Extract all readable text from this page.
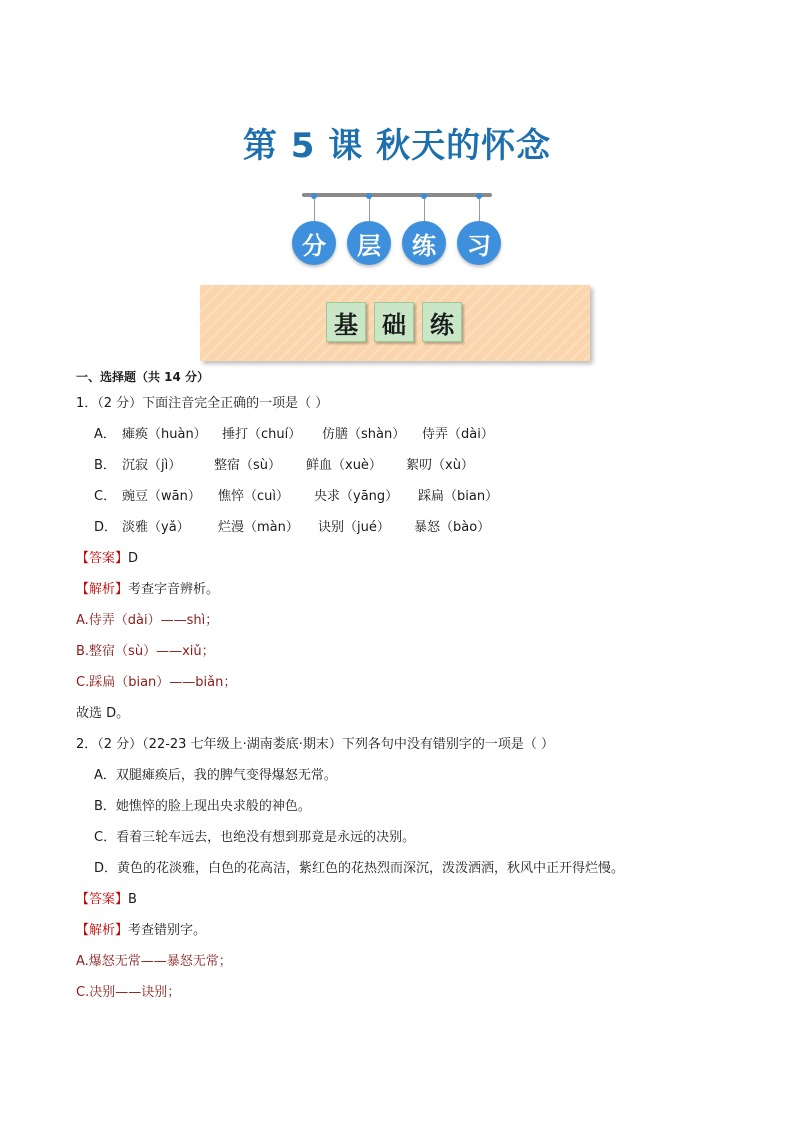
第 5 课 秋天的怀念
分	层	练	习
基	础	练
一、选择题（共 14 分）
1．（2 分）下面注音完全正确的一项是（ ）
A． 瘫痪（huàn） 捶打（chuí） 仿膳（shàn） 侍弄（dài）
B． 沉寂（jì）	整宿（sù） 鲜血（xuè） 絮叨（xù）
C． 豌豆（wān） 憔悴（cuì） 央求（yāng） 踩扁（bian）
D． 淡雅（yǎ） 烂漫（màn） 诀别（jué） 暴怒（bào）
【答案】D
【解析】考查字音辨析。
A.侍弄（dài）——shì；
B.整宿（sù）——xiǔ；
C.踩扁（bian）——biǎn；
故选 D。
2．（2 分）（22-23 七年级上·湖南娄底·期末）下列各句中没有错别字的一项是（ ）
A．双腿瘫痪后，我的脾气变得爆怒无常。
B．她憔悴的脸上现出央求般的神色。
C．看着三轮车远去，也绝没有想到那竟是永远的决别。
D．黄色的花淡雅，白色的花高洁，紫红色的花热烈而深沉，泼泼洒洒，秋风中正开得烂慢。
【答案】B
【解析】考查错别字。
A.爆怒无常——暴怒无常；
C.决别——诀别；
